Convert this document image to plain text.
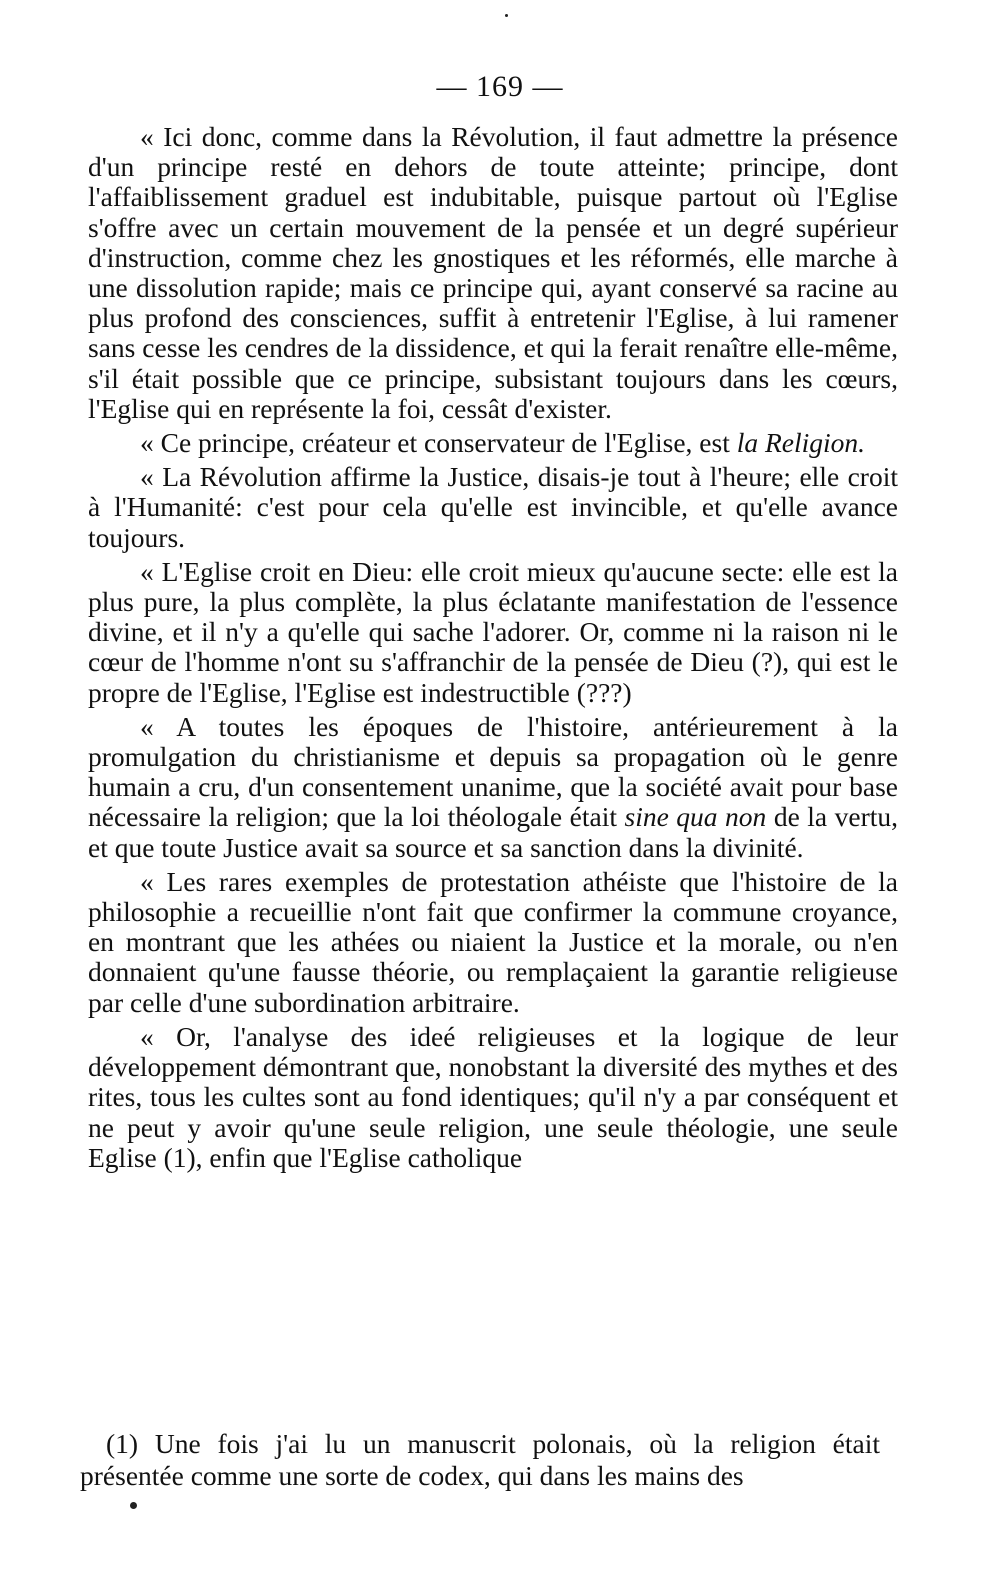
— 169 —

« Ici donc, comme dans la Révolution, il faut admettre la présence d'un principe resté en dehors de toute atteinte; principe, dont l'affaiblissement graduel est indubitable, puisque partout où l'Eglise s'offre avec un certain mouvement de la pensée et un degré supérieur d'instruction, comme chez les gnostiques et les réformés, elle marche à une dissolution rapide; mais ce principe qui, ayant conservé sa racine au plus profond des consciences, suffit à entretenir l'Eglise, à lui ramener sans cesse les cendres de la dissidence, et qui la ferait renaître elle-même, s'il était possible que ce principe, subsistant toujours dans les cœurs, l'Eglise qui en représente la foi, cessât d'exister.

« Ce principe, créateur et conservateur de l'Eglise, est la Religion.

« La Révolution affirme la Justice, disais-je tout à l'heure; elle croit à l'Humanité: c'est pour cela qu'elle est invincible, et qu'elle avance toujours.

« L'Eglise croit en Dieu: elle croit mieux qu'aucune secte: elle est la plus pure, la plus complète, la plus éclatante manifestation de l'essence divine, et il n'y a qu'elle qui sache l'adorer. Or, comme ni la raison ni le cœur de l'homme n'ont su s'affranchir de la pensée de Dieu (?), qui est le propre de l'Eglise, l'Eglise est indestructible (???)

« A toutes les époques de l'histoire, antérieurement à la promulgation du christianisme et depuis sa propagation où le genre humain a cru, d'un consentement unanime, que la société avait pour base nécessaire la religion; que la loi théologale était sine qua non de la vertu, et que toute Justice avait sa source et sa sanction dans la divinité.

« Les rares exemples de protestation athéiste que l'histoire de la philosophie a recueillie n'ont fait que confirmer la commune croyance, en montrant que les athées ou niaient la Justice et la morale, ou n'en donnaient qu'une fausse théorie, ou remplaçaient la garantie religieuse par celle d'une subordination arbitraire.

« Or, l'analyse des ideé religieuses et la logique de leur développement démontrant que, nonobstant la diversité des mythes et des rites, tous les cultes sont au fond identiques; qu'il n'y a par conséquent et ne peut y avoir qu'une seule religion, une seule théologie, une seule Eglise (1), enfin que l'Eglise catholique

(1) Une fois j'ai lu un manuscrit polonais, où la religion était présentée comme une sorte de codex, qui dans les mains des
